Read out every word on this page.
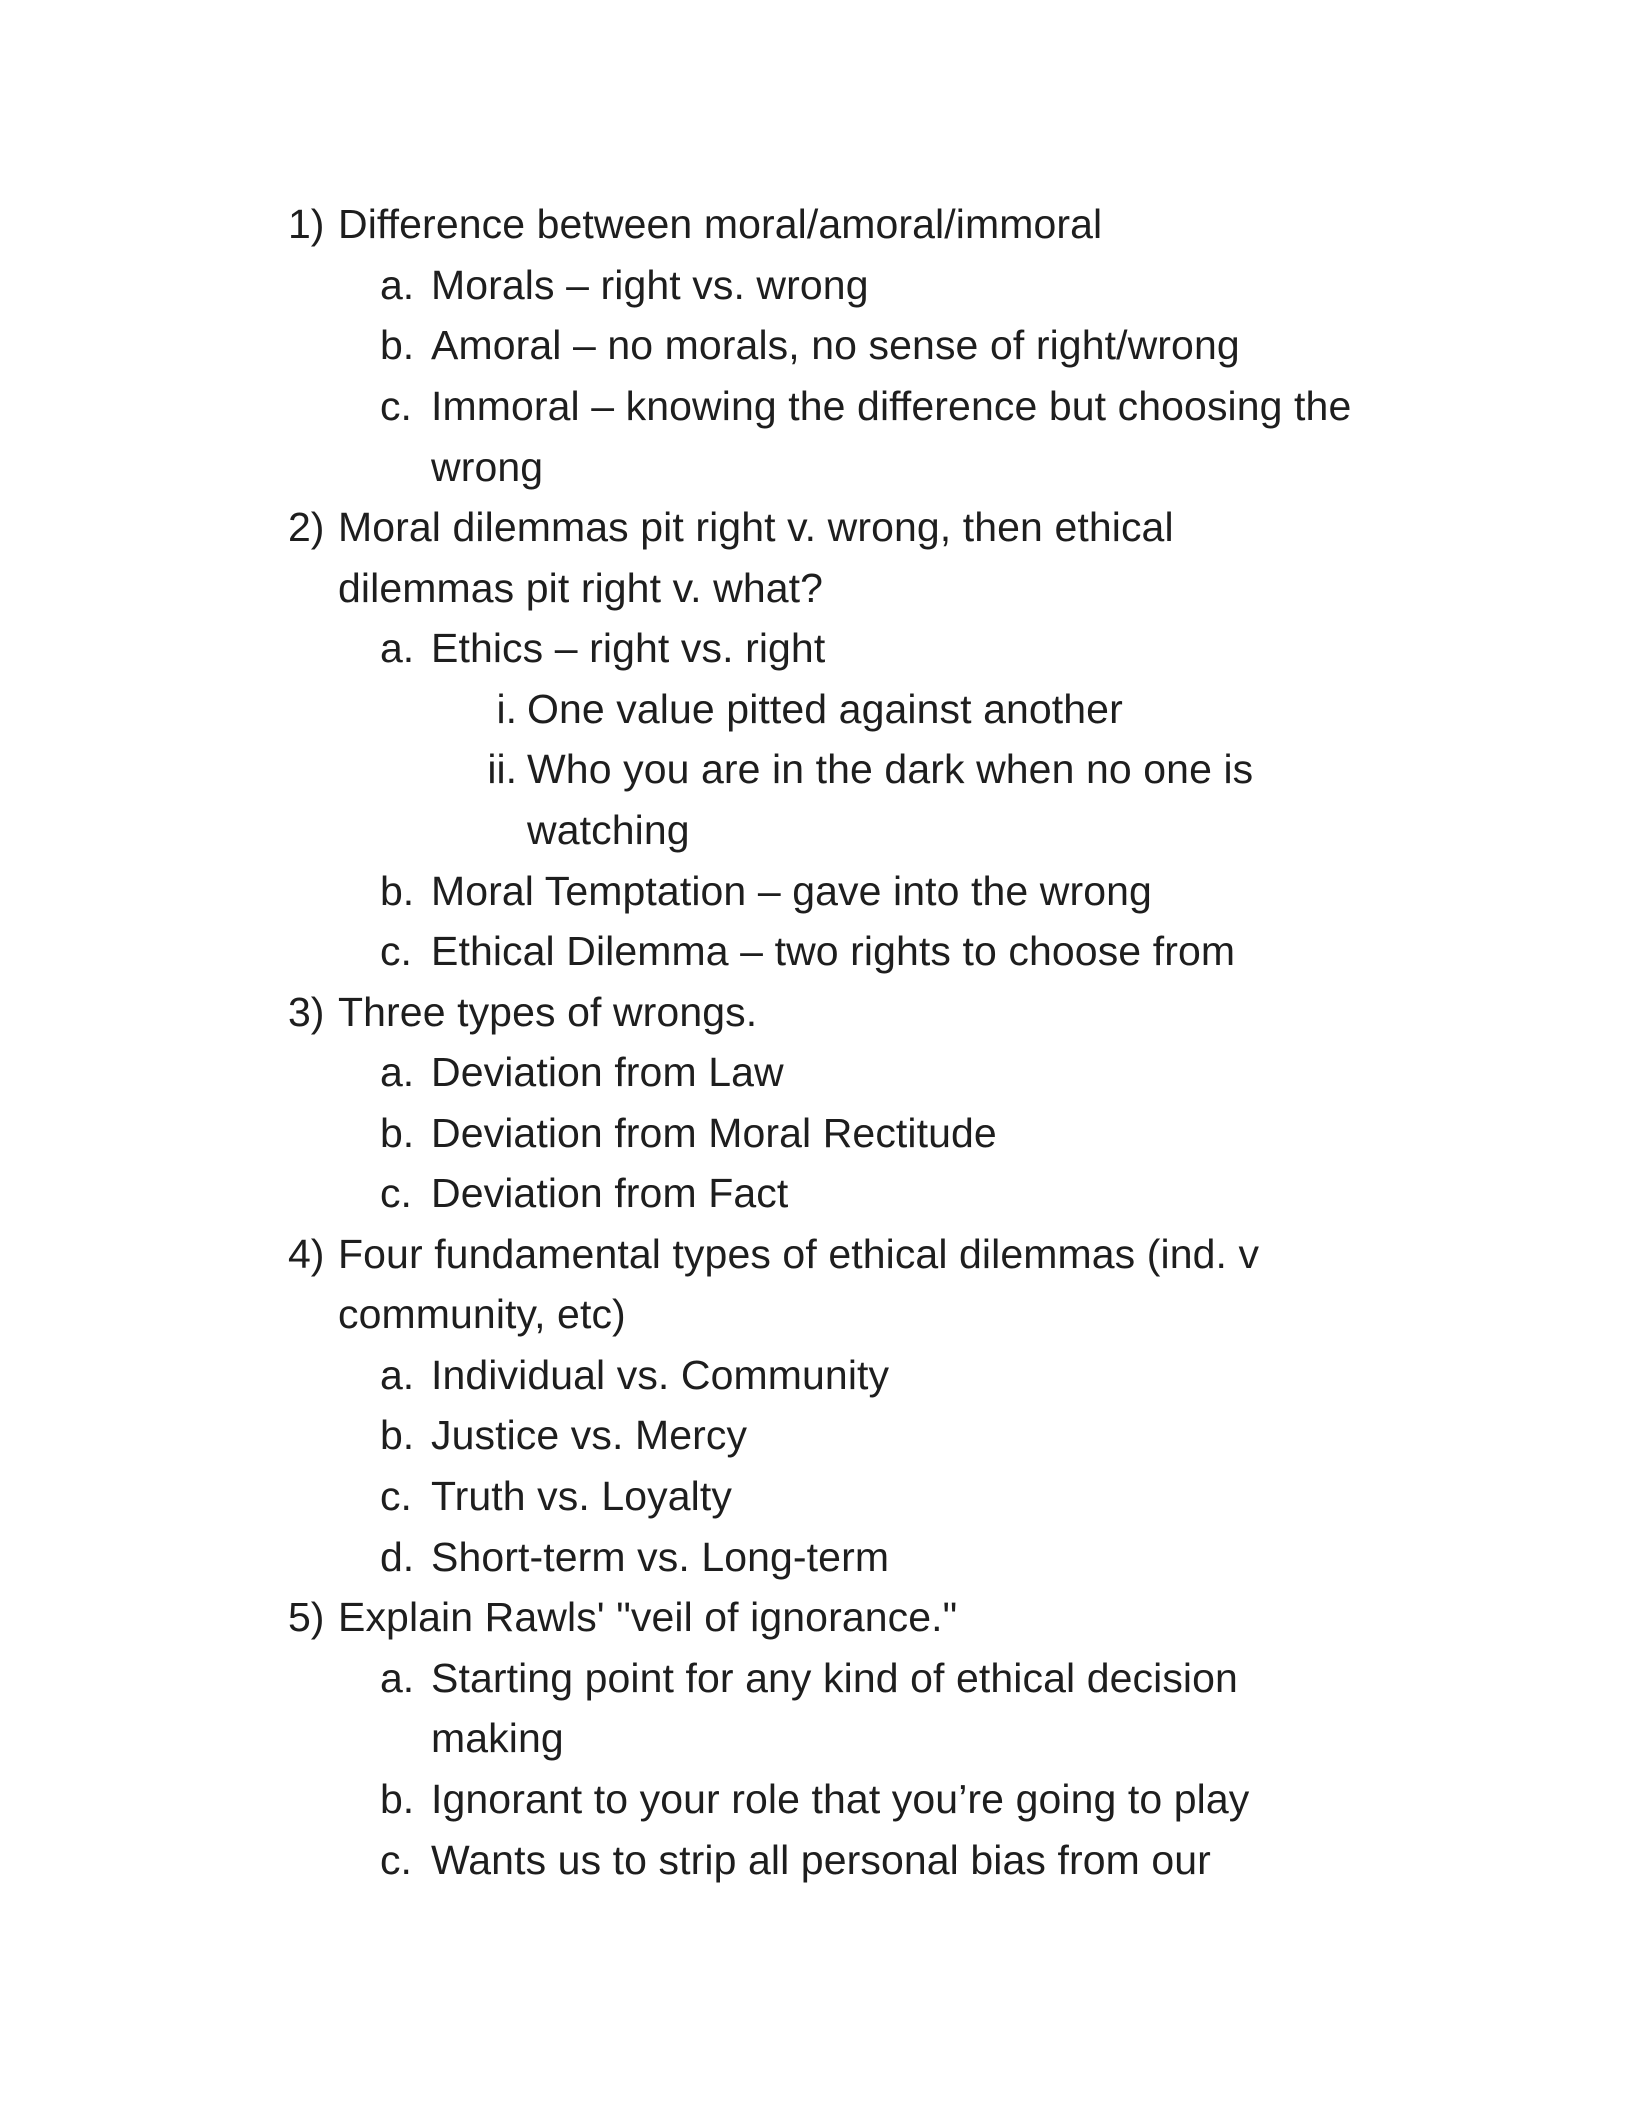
1) Difference between moral/amoral/immoral
a. Morals – right vs. wrong
b. Amoral – no morals, no sense of right/wrong
c. Immoral – knowing the difference but choosing the
wrong
2) Moral dilemmas pit right v. wrong, then ethical
dilemmas pit right v. what?
a. Ethics – right vs. right
i. One value pitted against another
ii. Who you are in the dark when no one is
watching
b. Moral Temptation – gave into the wrong
c. Ethical Dilemma – two rights to choose from
3) Three types of wrongs.
a. Deviation from Law
b. Deviation from Moral Rectitude
c. Deviation from Fact
4) Four fundamental types of ethical dilemmas (ind. v
community, etc)
a. Individual vs. Community
b. Justice vs. Mercy
c. Truth vs. Loyalty
d. Short-term vs. Long-term
5) Explain Rawls' "veil of ignorance."
a. Starting point for any kind of ethical decision
making
b. Ignorant to your role that you’re going to play
c. Wants us to strip all personal bias from our
